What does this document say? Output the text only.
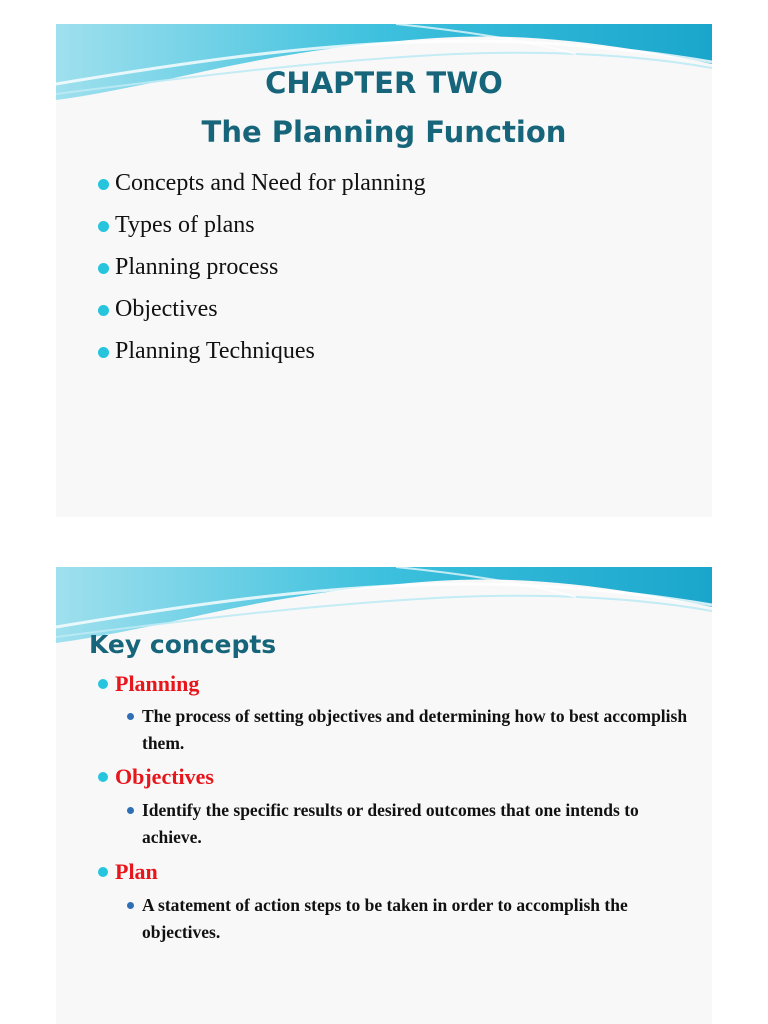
CHAPTER TWO
The Planning Function
Concepts and Need for planning
Types of plans
Planning process
Objectives
Planning Techniques
Key concepts
Planning
The process of setting objectives and determining how to best accomplish them.
Objectives
Identify the specific results or desired outcomes that one intends to achieve.
Plan
A statement of action steps to be taken in order to accomplish the objectives.
